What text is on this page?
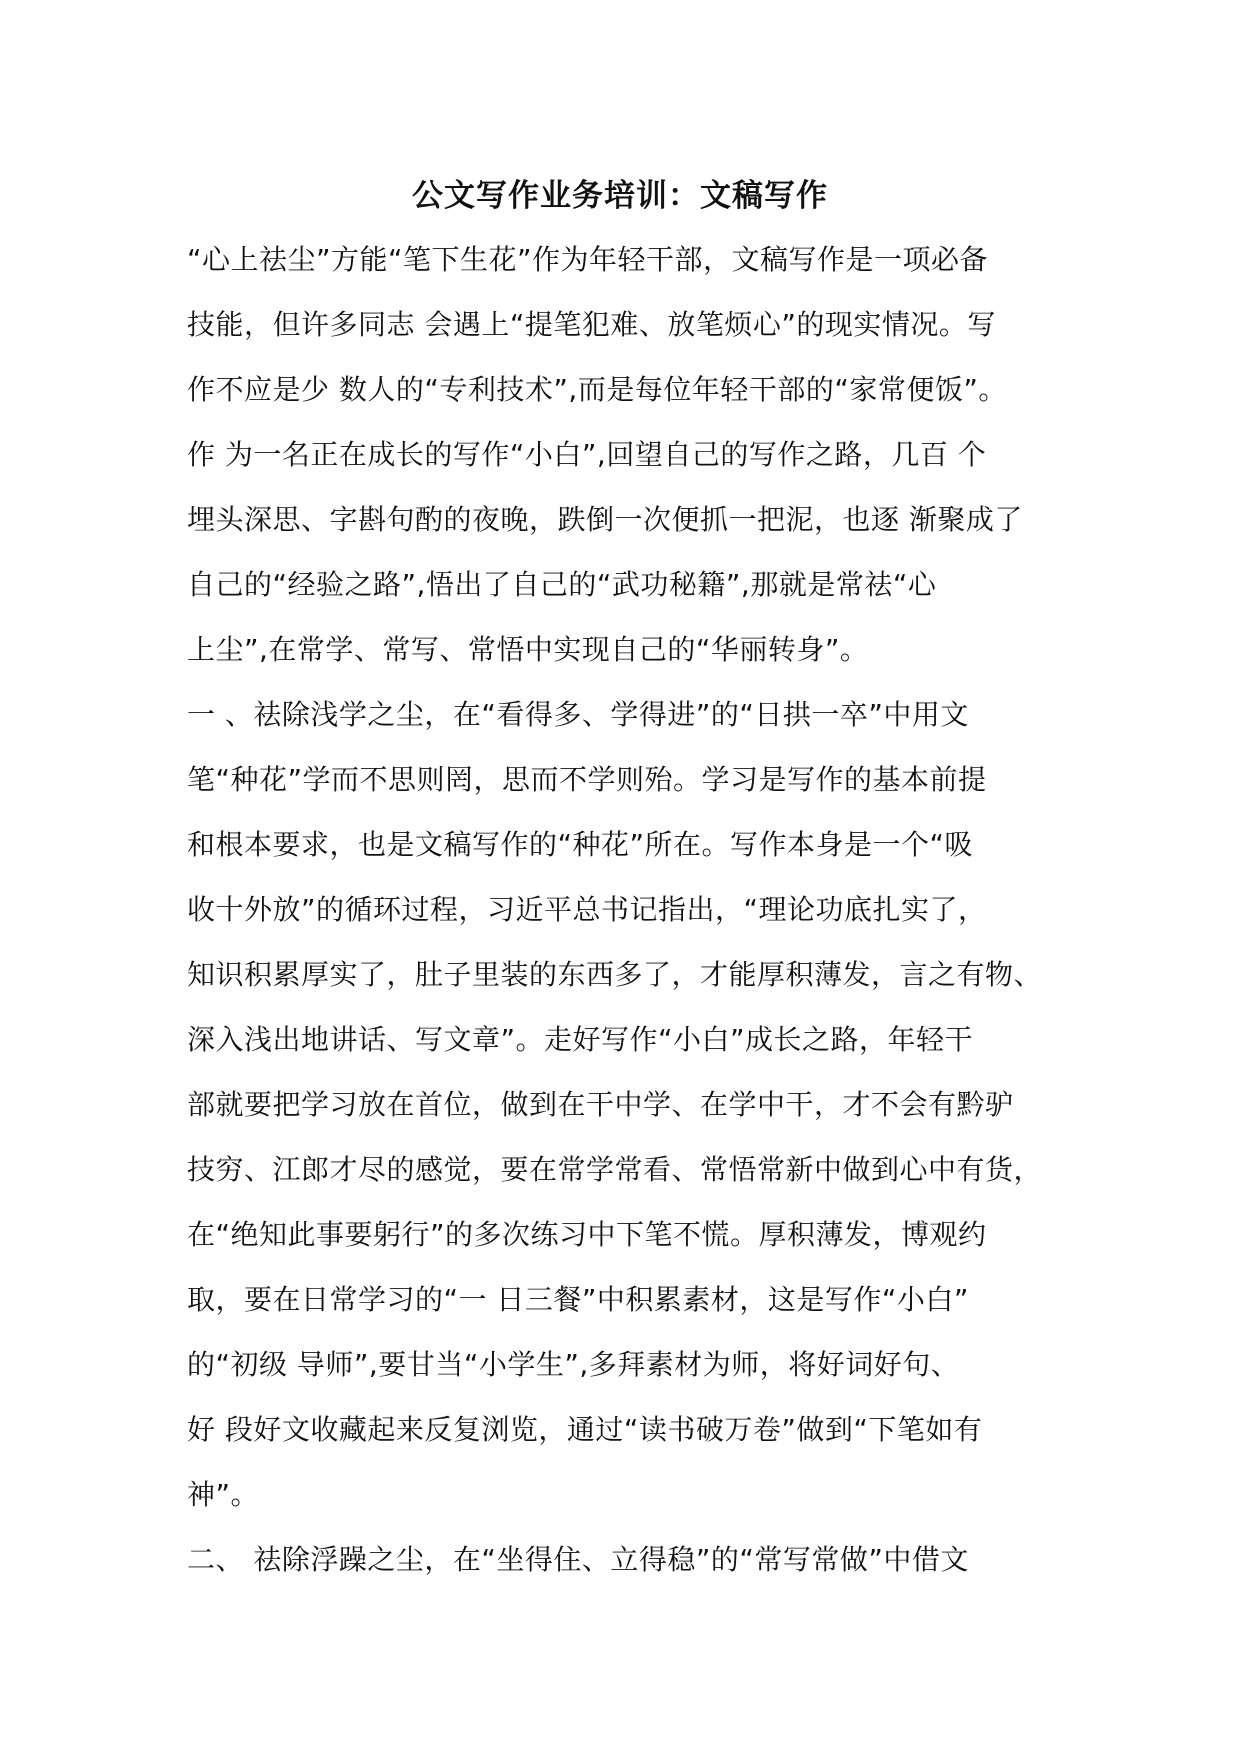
公文写作业务培训：文稿写作
“心上祛尘”方能“笔下生花”作为年轻干部，文稿写作是一项必备
技能，但许多同志 会遇上“提笔犯难、放笔烦心”的现实情况。写
作不应是少 数人的“专利技术”,而是每位年轻干部的“家常便饭”。
作 为一名正在成长的写作“小白”,回望自己的写作之路，几百 个
埋头深思、字斟句酌的夜晚，跌倒一次便抓一把泥，也逐 渐聚成了
自己的“经验之路”,悟出了自己的“武功秘籍”,那就是常祛“心
上尘”,在常学、常写、常悟中实现自己的“华丽转身”。
一 、祛除浅学之尘，在“看得多、学得进”的“日拱一卒”中用文
笔“种花”学而不思则罔，思而不学则殆。学习是写作的基本前提
和根本要求，也是文稿写作的“种花”所在。写作本身是一个“吸
收十外放”的循环过程，习近平总书记指出，“理论功底扎实了，
知识积累厚实了，肚子里装的东西多了，才能厚积薄发，言之有物、
深入浅出地讲话、写文章”。走好写作“小白”成长之路，年轻干
部就要把学习放在首位，做到在干中学、在学中干，才不会有黔驴
技穷、江郎才尽的感觉，要在常学常看、常悟常新中做到心中有货，
在“绝知此事要躬行”的多次练习中下笔不慌。厚积薄发，博观约
取，要在日常学习的“一 日三餐”中积累素材，这是写作“小白”
的“初级 导师”,要甘当“小学生”,多拜素材为师，将好词好句、
好 段好文收藏起来反复浏览，通过“读书破万卷”做到“下笔如有
神”。
二、 祛除浮躁之尘，在“坐得住、立得稳”的“常写常做”中借文
